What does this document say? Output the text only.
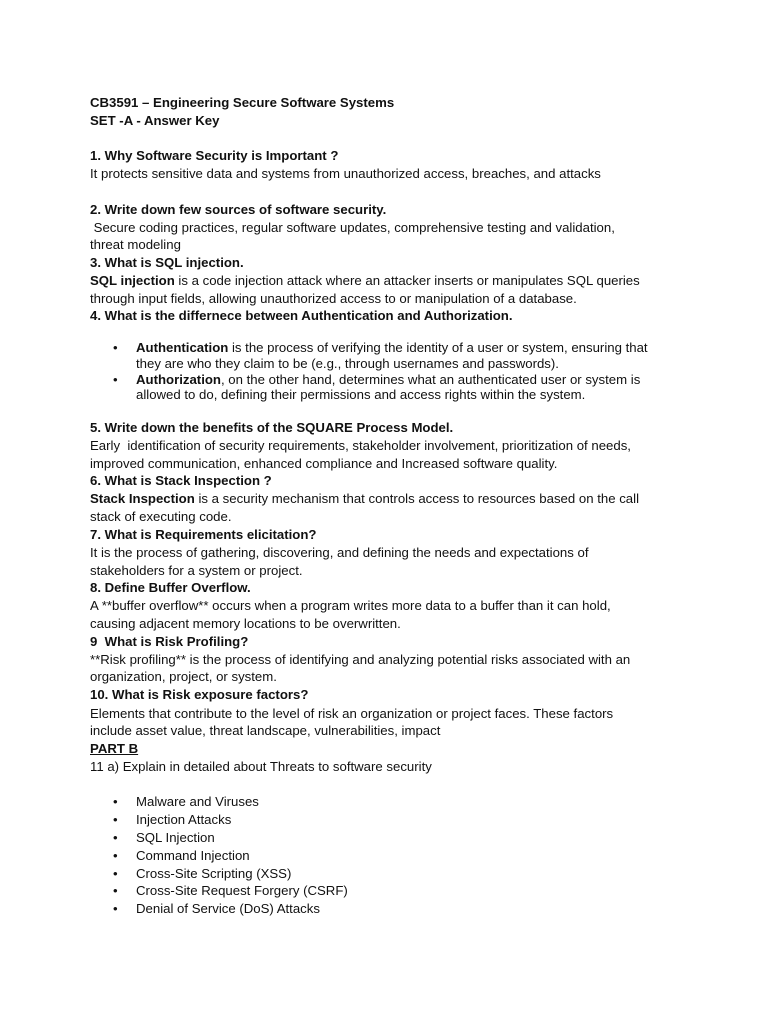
CB3591 – Engineering Secure Software Systems
SET -A - Answer Key
1. Why Software Security is Important ?
It protects sensitive data and systems from unauthorized access, breaches, and attacks
2. Write down few sources of software security.
Secure coding practices, regular software updates, comprehensive testing and validation,
threat modeling
3. What is SQL injection.
SQL injection is a code injection attack where an attacker inserts or manipulates SQL queries
through input fields, allowing unauthorized access to or manipulation of a database.
4. What is the differnece between Authentication and Authorization.
• Authentication is the process of verifying the identity of a user or system, ensuring that
they are who they claim to be (e.g., through usernames and passwords).
• Authorization, on the other hand, determines what an authenticated user or system is
allowed to do, defining their permissions and access rights within the system.
5. Write down the benefits of the SQUARE Process Model.
Early  identification of security requirements, stakeholder involvement, prioritization of needs,
improved communication, enhanced compliance and Increased software quality.
6. What is Stack Inspection ?
Stack Inspection is a security mechanism that controls access to resources based on the call
stack of executing code.
7. What is Requirements elicitation?
It is the process of gathering, discovering, and defining the needs and expectations of
stakeholders for a system or project.
8. Define Buffer Overflow.
A **buffer overflow** occurs when a program writes more data to a buffer than it can hold,
causing adjacent memory locations to be overwritten.
9  What is Risk Profiling?
**Risk profiling** is the process of identifying and analyzing potential risks associated with an
organization, project, or system.
10. What is Risk exposure factors?
Elements that contribute to the level of risk an organization or project faces. These factors
include asset value, threat landscape, vulnerabilities, impact
PART B
11 a) Explain in detailed about Threats to software security
• Malware and Viruses
• Injection Attacks
• SQL Injection
• Command Injection
• Cross-Site Scripting (XSS)
• Cross-Site Request Forgery (CSRF)
• Denial of Service (DoS) Attacks
